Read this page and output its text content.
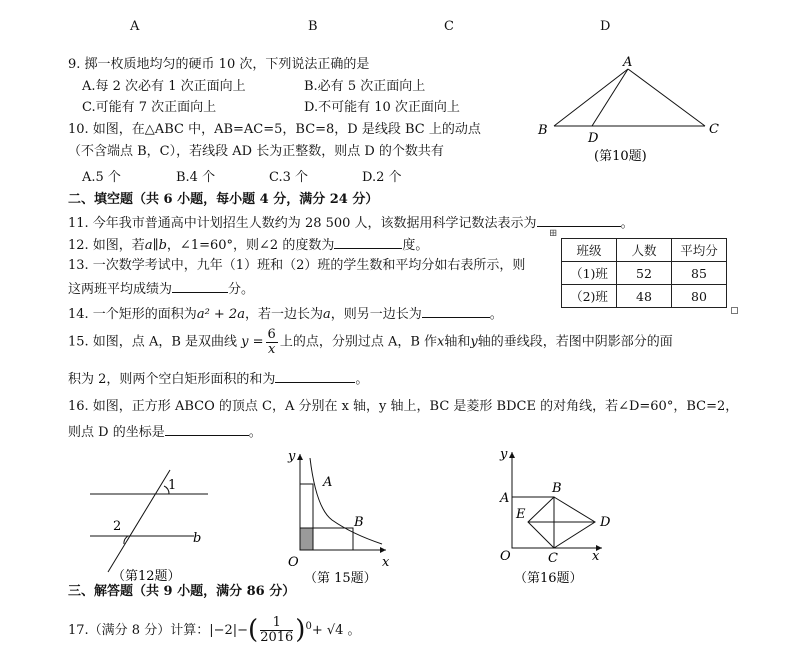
A	B	C	D
9. 掷一枚质地均匀的硬币 10 次，下列说法正确的是
A.每 2 次必有 1 次正面向上	B.必有 5 次正面向上
C.可能有 7 次正面向上	D.不可能有 10 次正面向上
10. 如图，在△ABC 中，AB=AC=5，BC=8，D 是线段 BC 上的动点
（不含端点 B，C），若线段 AD 长为正整数，则点 D 的个数共有
A.5 个	B.4 个	C.3 个	D.2 个
A
B	C
D
(第10题)
二、填空题（共 6 小题，每小题 4 分，满分 24 分）
11. 今年我市普通高中计划招生人数约为 28 500 人，该数据用科学记数法表示为	。
12. 如图，若a∥b，∠1=60°，则∠2 的度数为	度。
13. 一次数学考试中，九年（1）班和（2）班的学生数和平均分如右表所示，则
这两班平均成绩为	分。
⊞
班级	人数	平均分
（1)班	52	85
（2)班	48	80
14. 一个矩形的面积为a² + 2a，若一边长为a，则另一边长为	。
15. 如图，点 A，B 是双曲线 $y = \frac{6}{x}$ 上的点，分别过点 A，B 作x轴和y轴的垂线段，若图中阴影部分的面
积为 2，则两个空白矩形面积的和为	。
16. 如图，正方形 ABCO 的顶点 C，A 分别在 x 轴，y 轴上，BC 是菱形 BDCE 的对角线，若∠D=60°，BC=2，
则点 D 的坐标是	。
1
2
b
（第12题）
y
x
O
A
B
（第 15题）
y
x
O
A
B
C
D
E
（第16题）
三、解答题（共 9 小题，满分 86 分）
17.（满分 8 分）计算：$|-2|-( \frac{1}{2016} )^0+ √4$ 。
